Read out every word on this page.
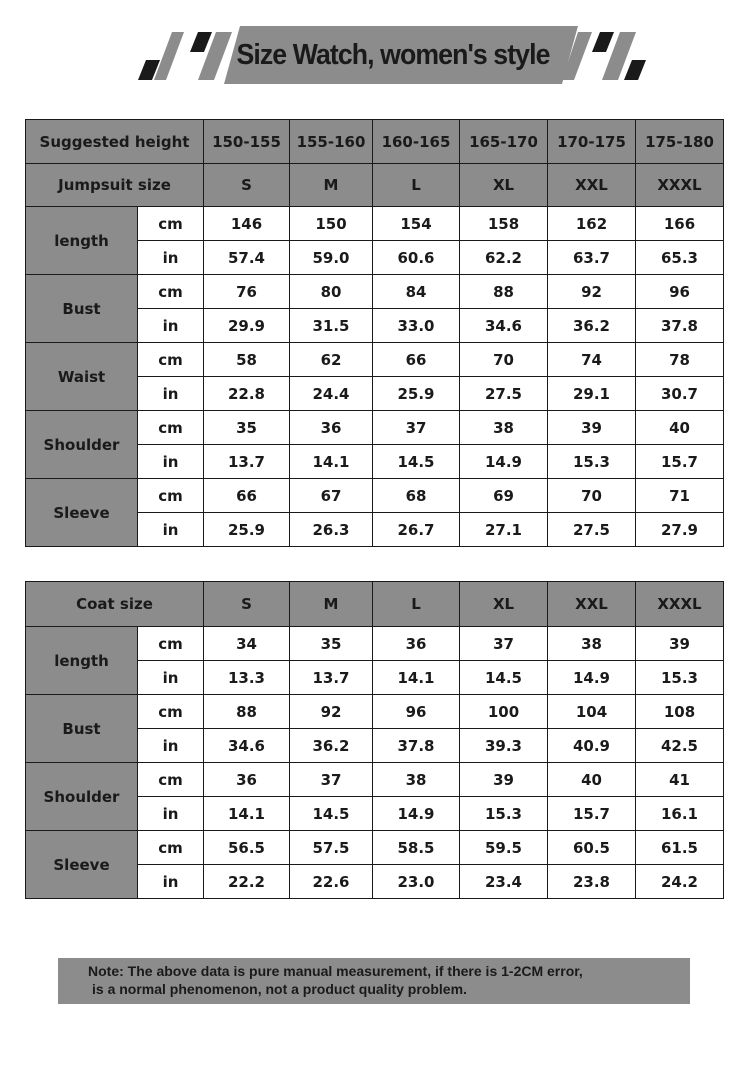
Size Watch, women's style
Suggested height		150-155	155-160	160-165	165-170	170-175	175-180
Jumpsuit size		S	M	L	XL	XXL	XXXL
length	cm	146	150	154	158	162	166
	in	57.4	59.0	60.6	62.2	63.7	65.3
Bust	cm	76	80	84	88	92	96
	in	29.9	31.5	33.0	34.6	36.2	37.8
Waist	cm	58	62	66	70	74	78
	in	22.8	24.4	25.9	27.5	29.1	30.7
Shoulder	cm	35	36	37	38	39	40
	in	13.7	14.1	14.5	14.9	15.3	15.7
Sleeve	cm	66	67	68	69	70	71
	in	25.9	26.3	26.7	27.1	27.5	27.9
Coat size		S	M	L	XL	XXL	XXXL
length	cm	34	35	36	37	38	39
	in	13.3	13.7	14.1	14.5	14.9	15.3
Bust	cm	88	92	96	100	104	108
	in	34.6	36.2	37.8	39.3	40.9	42.5
Shoulder	cm	36	37	38	39	40	41
	in	14.1	14.5	14.9	15.3	15.7	16.1
Sleeve	cm	56.5	57.5	58.5	59.5	60.5	61.5
	in	22.2	22.6	23.0	23.4	23.8	24.2
Note: The above data is pure manual measurement, if there is 1-2CM error,
is a normal phenomenon, not a product quality problem.
